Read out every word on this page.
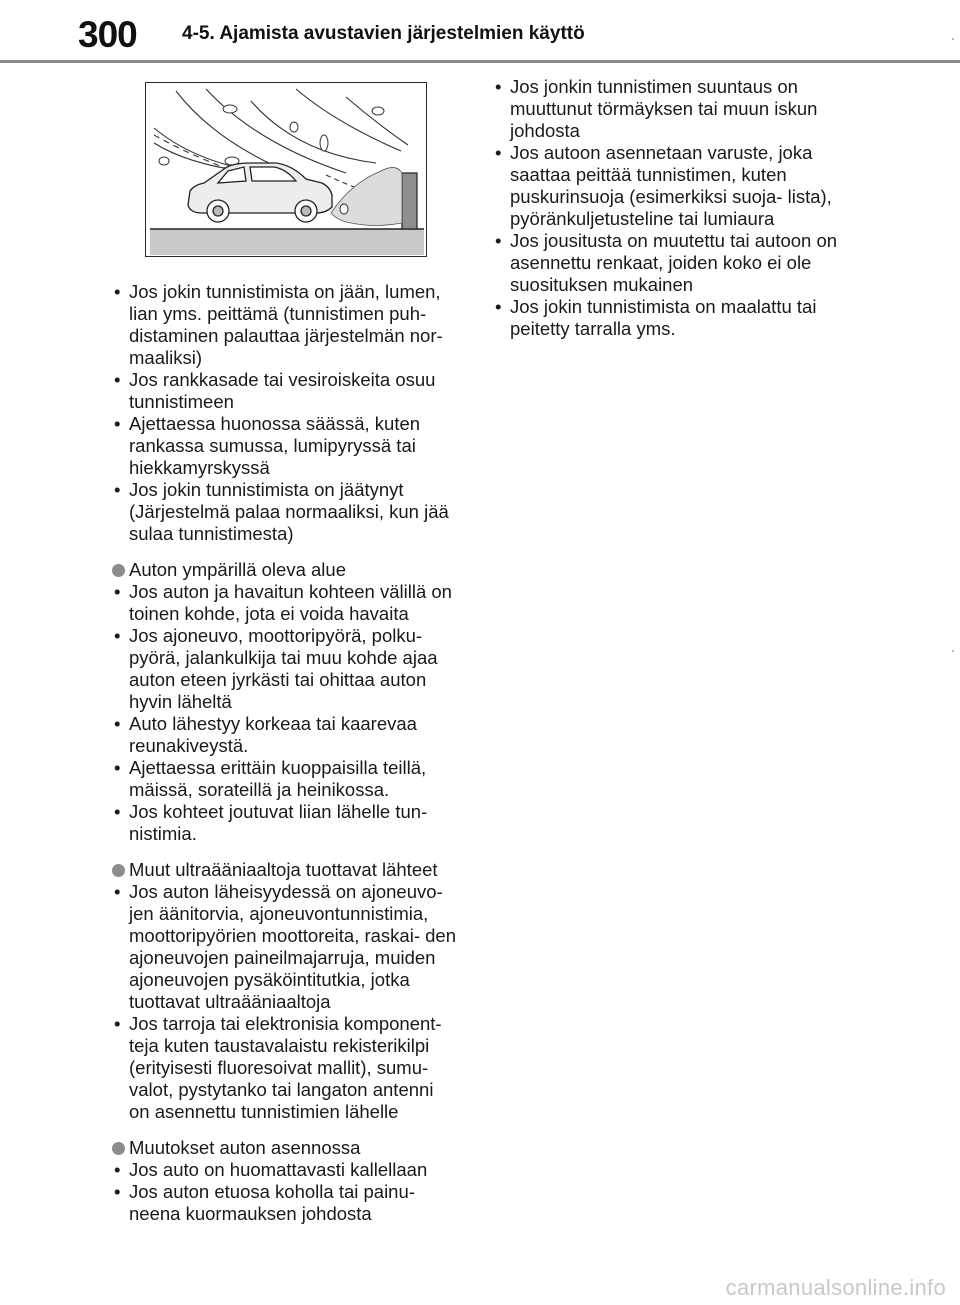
300 4-5. Ajamista avustavien järjestelmien käyttö
• Jos jokin tunnistimista on jään, lumen, lian yms. peittämä (tunnistimen puh- distaminen palauttaa järjestelmän nor- maaliksi)
• Jos rankkasade tai vesiroiskeita osuu tunnistimeen
• Ajettaessa huonossa säässä, kuten rankassa sumussa, lumipyryssä tai hiekkamyrskyssä
• Jos jokin tunnistimista on jäätynyt (Järjestelmä palaa normaaliksi, kun jää sulaa tunnistimesta)
Auton ympärillä oleva alue
• Jos auton ja havaitun kohteen välillä on toinen kohde, jota ei voida havaita
• Jos ajoneuvo, moottoripyörä, polku- pyörä, jalankulkija tai muu kohde ajaa auton eteen jyrkästi tai ohittaa auton hyvin läheltä
• Auto lähestyy korkeaa tai kaarevaa reunakiveystä.
• Ajettaessa erittäin kuoppaisilla teillä, mäissä, sorateillä ja heinikossa.
• Jos kohteet joutuvat liian lähelle tun- nistimia.
Muut ultraääniaaltoja tuottavat lähteet
• Jos auton läheisyydessä on ajoneuvo- jen äänitorvia, ajoneuvontunnistimia, moottoripyörien moottoreita, raskai- den ajoneuvojen paineilmajarruja, muiden ajoneuvojen pysäköintitutkia, jotka tuottavat ultraääniaaltoja
• Jos tarroja tai elektronisia komponent- teja kuten taustavalaistu rekisterikilpi (erityisesti fluoresoivat mallit), sumu- valot, pystytanko tai langaton antenni on asennettu tunnistimien lähelle
Muutokset auton asennossa
• Jos auto on huomattavasti kallellaan
• Jos auton etuosa koholla tai painu- neena kuormauksen johdosta
• Jos jonkin tunnistimen suuntaus on muuttunut törmäyksen tai muun iskun johdosta
• Jos autoon asennetaan varuste, joka saattaa peittää tunnistimen, kuten puskurinsuoja (esimerkiksi suoja- lista), pyöränkuljetusteline tai lumiaura
• Jos jousitusta on muutettu tai autoon on asennettu renkaat, joiden koko ei ole suosituksen mukainen
• Jos jokin tunnistimista on maalattu tai peitetty tarralla yms.
carmanualsonline.info
